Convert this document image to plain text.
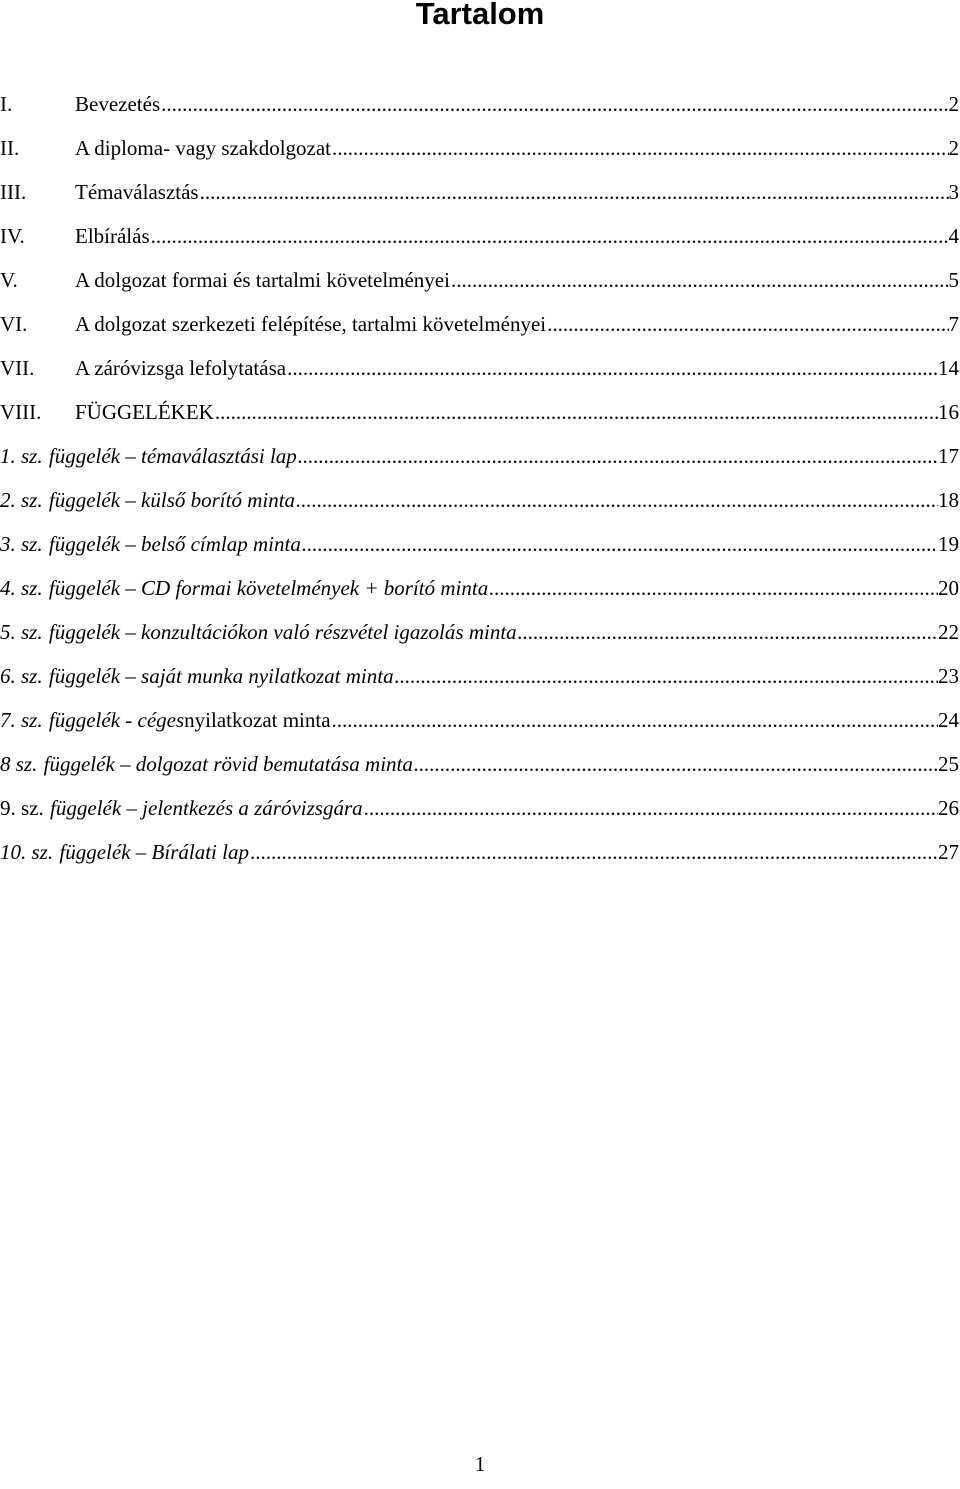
Tartalom
I.	Bevezetés .....	2
II.	A diploma- vagy szakdolgozat .....	2
III.	Témaválasztás .....	3
IV.	Elbírálás .....	4
V.	A dolgozat formai és tartalmi követelményei .....	5
VI.	A dolgozat szerkezeti felépítése, tartalmi követelményei .....	7
VII.	A záróvizsga lefolytatása .....	14
VIII.	FÜGGELÉKEK .....	16
1. sz. függelék – témaválasztási lap .....	17
2. sz. függelék – külső borító minta .....	18
3. sz. függelék – belső címlap minta .....	19
4. sz. függelék – CD formai követelmények + borító minta .....	20
5. sz. függelék – konzultációkon való részvétel igazolás minta .....	22
6. sz. függelék – saját munka nyilatkozat minta .....	23
7. sz. függelék - céges nyilatkozat minta .....	24
8 sz. függelék – dolgozat rövid bemutatása minta .....	25
9. sz. függelék – jelentkezés a záróvizsgára .....	26
10. sz. függelék – Bírálati lap .....	27
1
